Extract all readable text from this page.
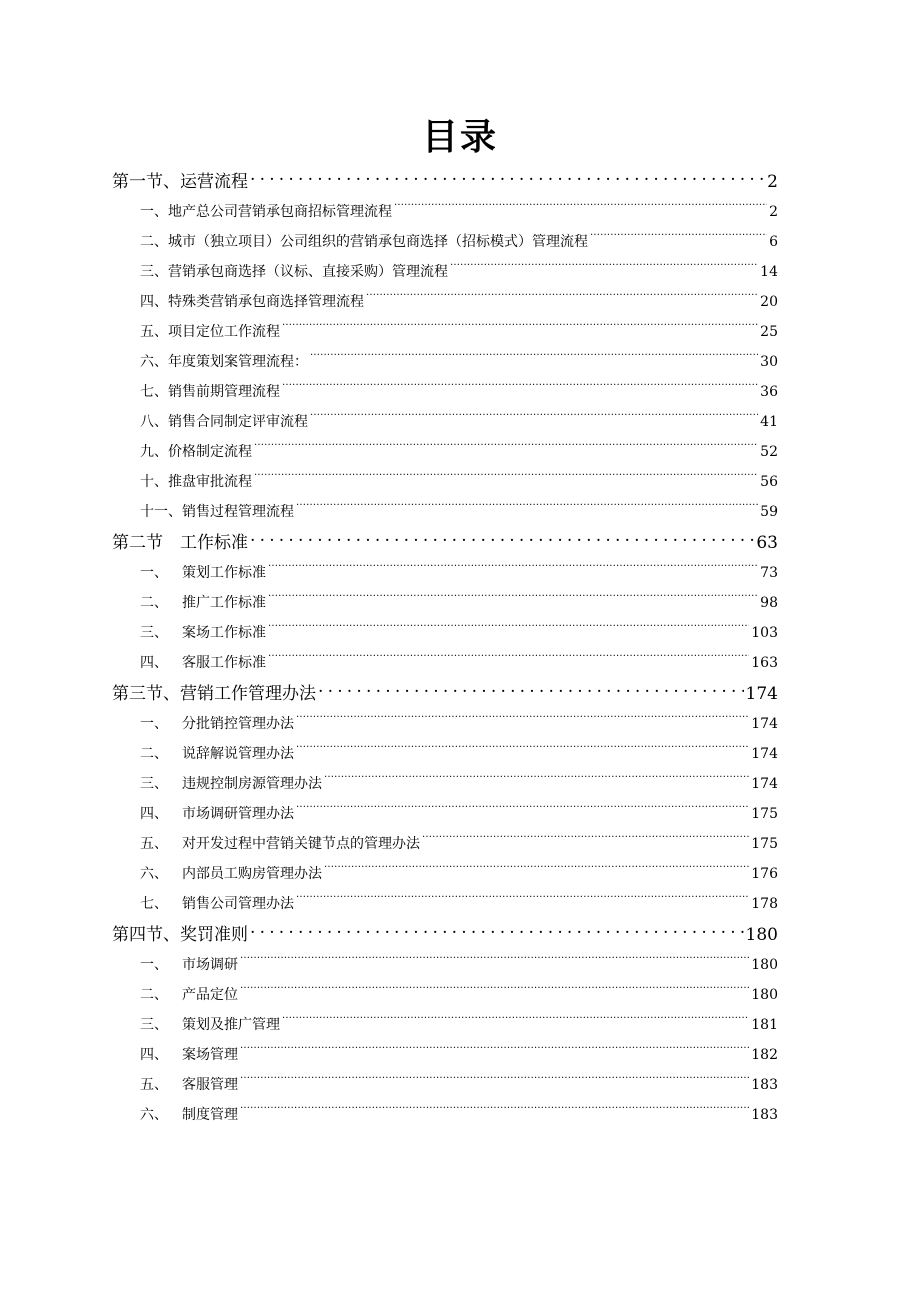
目录
第一节、运营流程 .....	2
一、 地产总公司营销承包商招标管理流程 .....	2
二、 城市（独立项目）公司组织的营销承包商选择（招标模式）管理流程 .....	6
三、 营销承包商选择（议标、直接采购）管理流程 .....	14
四、 特殊类营销承包商选择管理流程 .....	20
五、 项目定位工作流程 .....	25
六、 年度策划案管理流程： .....	30
七、 销售前期管理流程 .....	36
八、 销售合同制定评审流程 .....	41
九、 价格制定流程 .....	52
十、 推盘审批流程 .....	56
十一、 销售过程管理流程 .....	59
第二节　工作标准 .....	63
一、	策划工作标准 .....	73
二、	推广工作标准 .....	98
三、	案场工作标准 .....	103
四、	客服工作标准 .....	163
第三节、营销工作管理办法 .....	174
一、	分批销控管理办法 .....	174
二、	说辞解说管理办法 .....	174
三、	违规控制房源管理办法 .....	174
四、	市场调研管理办法 .....	175
五、	对开发过程中营销关键节点的管理办法 .....	175
六、	内部员工购房管理办法 .....	176
七、	销售公司管理办法 .....	178
第四节、奖罚准则 .....	180
一、	市场调研 .....	180
二、	产品定位 .....	180
三、	策划及推广管理 .....	181
四、	案场管理 .....	182
五、	客服管理 .....	183
六、	制度管理 .....	183
